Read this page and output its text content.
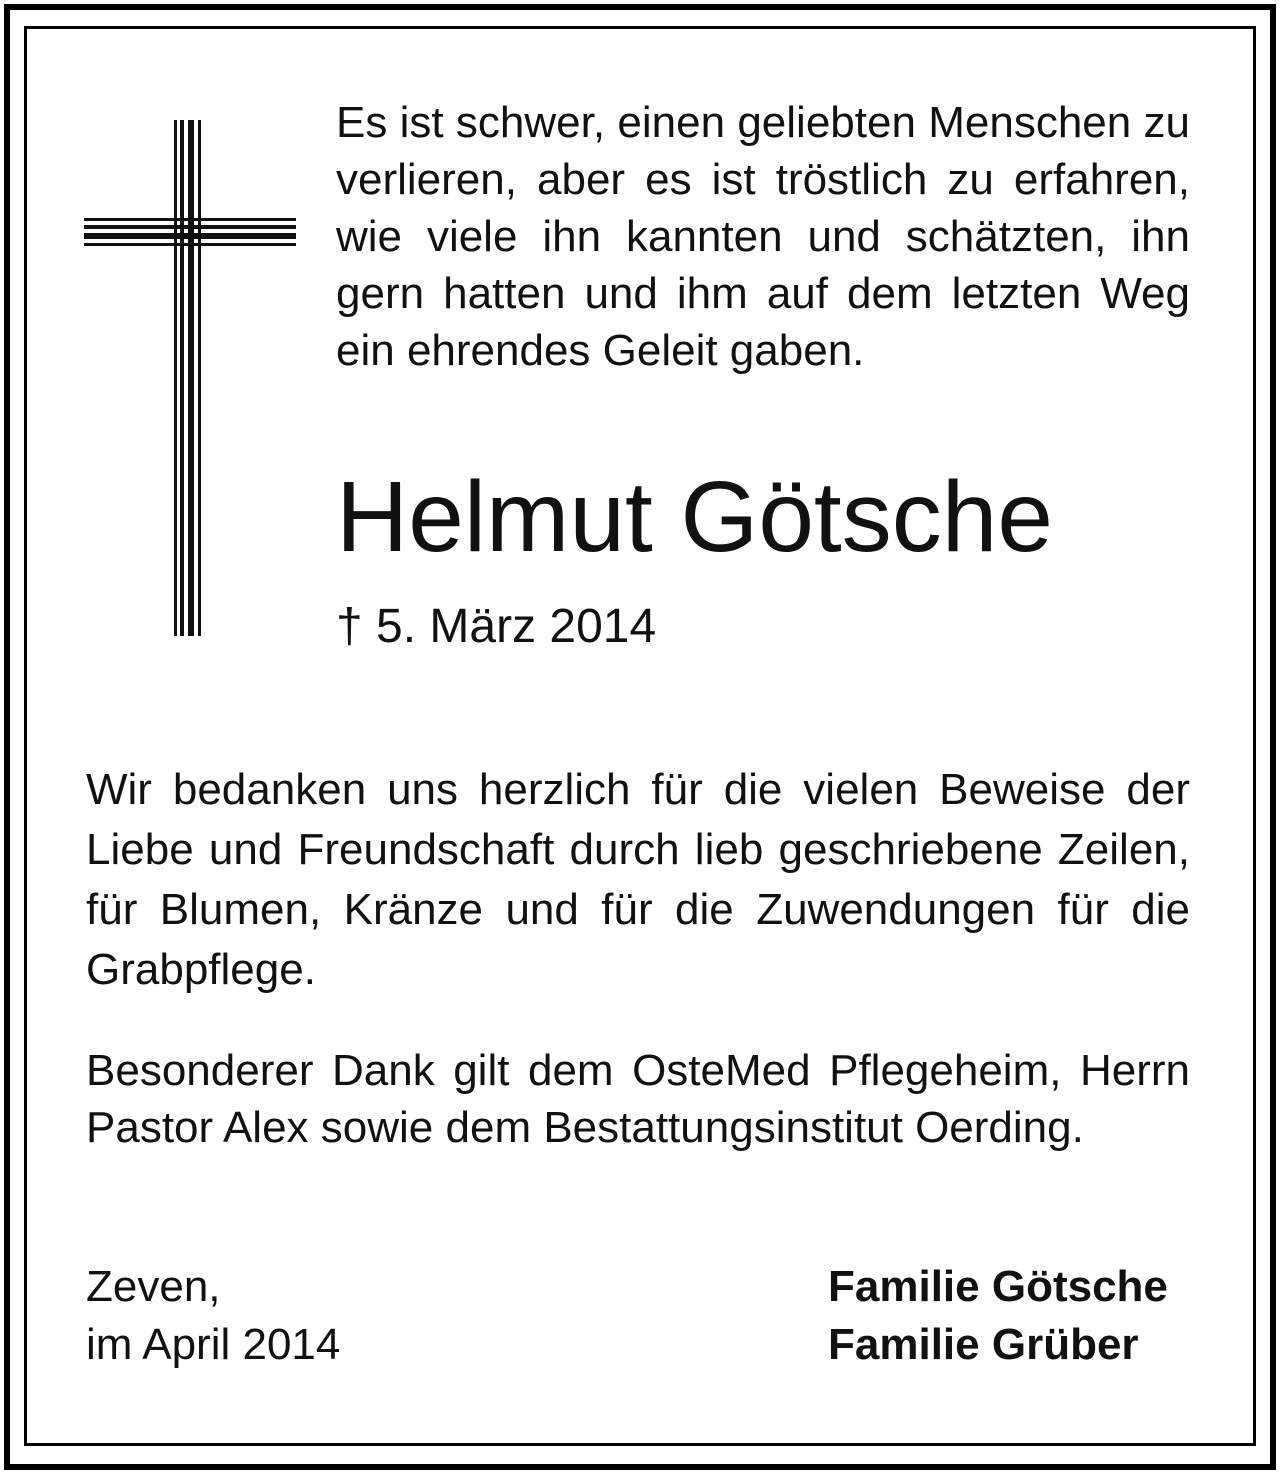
Es ist schwer, einen geliebten Menschen zu verlieren, aber es ist tröstlich zu erfahren, wie viele ihn kannten und schätzten, ihn gern hatten und ihm auf dem letzten Weg ein ehrendes Geleit gaben.

Helmut Götsche
† 5. März 2014

Wir bedanken uns herzlich für die vielen Beweise der Liebe und Freundschaft durch lieb geschriebene Zeilen, für Blumen, Kränze und für die Zuwendungen für die Grabpflege.

Besonderer Dank gilt dem OsteMed Pflegeheim, Herrn Pastor Alex sowie dem Bestattungsinstitut Oerding.

Zeven,
im April 2014
Familie Götsche
Familie Grüber
